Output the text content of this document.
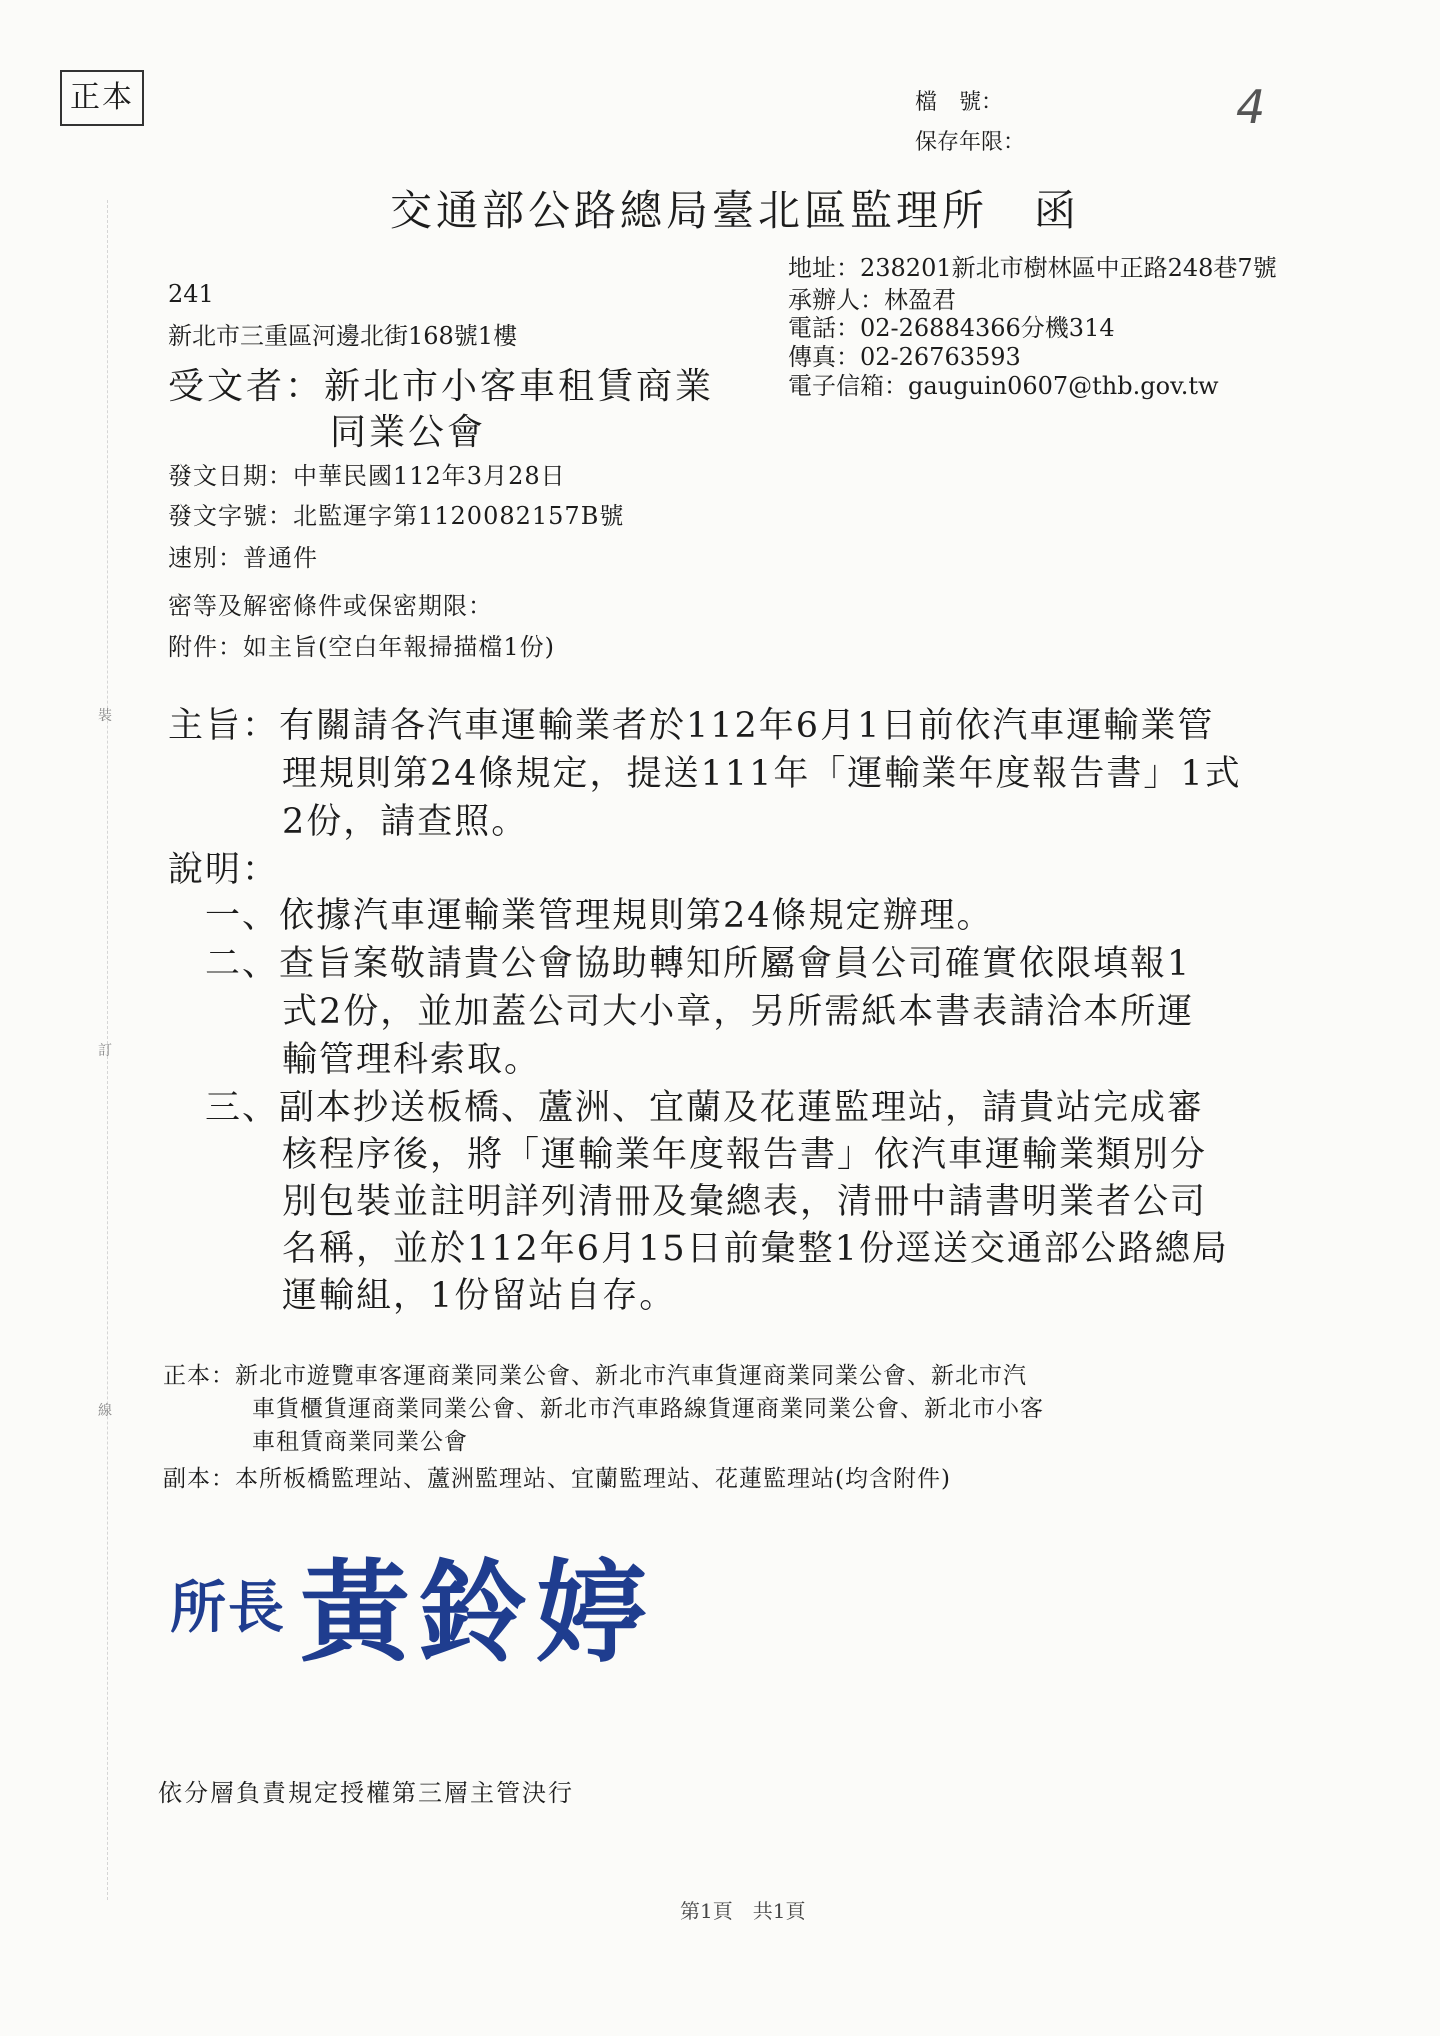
裝
訂
線
正本	檔　號：	4
保存年限：
交通部公路總局臺北區監理所　函
地址：238201新北市樹林區中正路248巷7號
承辦人：林盈君
電話：02-26884366分機314
傳真：02-26763593
電子信箱：gauguin0607@thb.gov.tw
241
新北市三重區河邊北街168號1樓
受文者：新北市小客車租賃商業
同業公會
發文日期：中華民國112年3月28日
發文字號：北監運字第1120082157B號
速別：普通件
密等及解密條件或保密期限：
附件：如主旨(空白年報掃描檔1份)
主旨：有關請各汽車運輸業者於112年6月1日前依汽車運輸業管
理規則第24條規定，提送111年「運輸業年度報告書」1式
2份，請查照。
說明：
一、依據汽車運輸業管理規則第24條規定辦理。
二、查旨案敬請貴公會協助轉知所屬會員公司確實依限填報1
式2份，並加蓋公司大小章，另所需紙本書表請洽本所運
輸管理科索取。
三、副本抄送板橋、蘆洲、宜蘭及花蓮監理站，請貴站完成審
核程序後，將「運輸業年度報告書」依汽車運輸業類別分
別包裝並註明詳列清冊及彙總表，清冊中請書明業者公司
名稱，並於112年6月15日前彙整1份逕送交通部公路總局
運輸組，1份留站自存。
正本：新北市遊覽車客運商業同業公會、新北市汽車貨運商業同業公會、新北市汽
車貨櫃貨運商業同業公會、新北市汽車路線貨運商業同業公會、新北市小客
車租賃商業同業公會
副本：本所板橋監理站、蘆洲監理站、宜蘭監理站、花蓮監理站(均含附件)
所長 黃鈴婷
依分層負責規定授權第三層主管決行
第1頁　共1頁
